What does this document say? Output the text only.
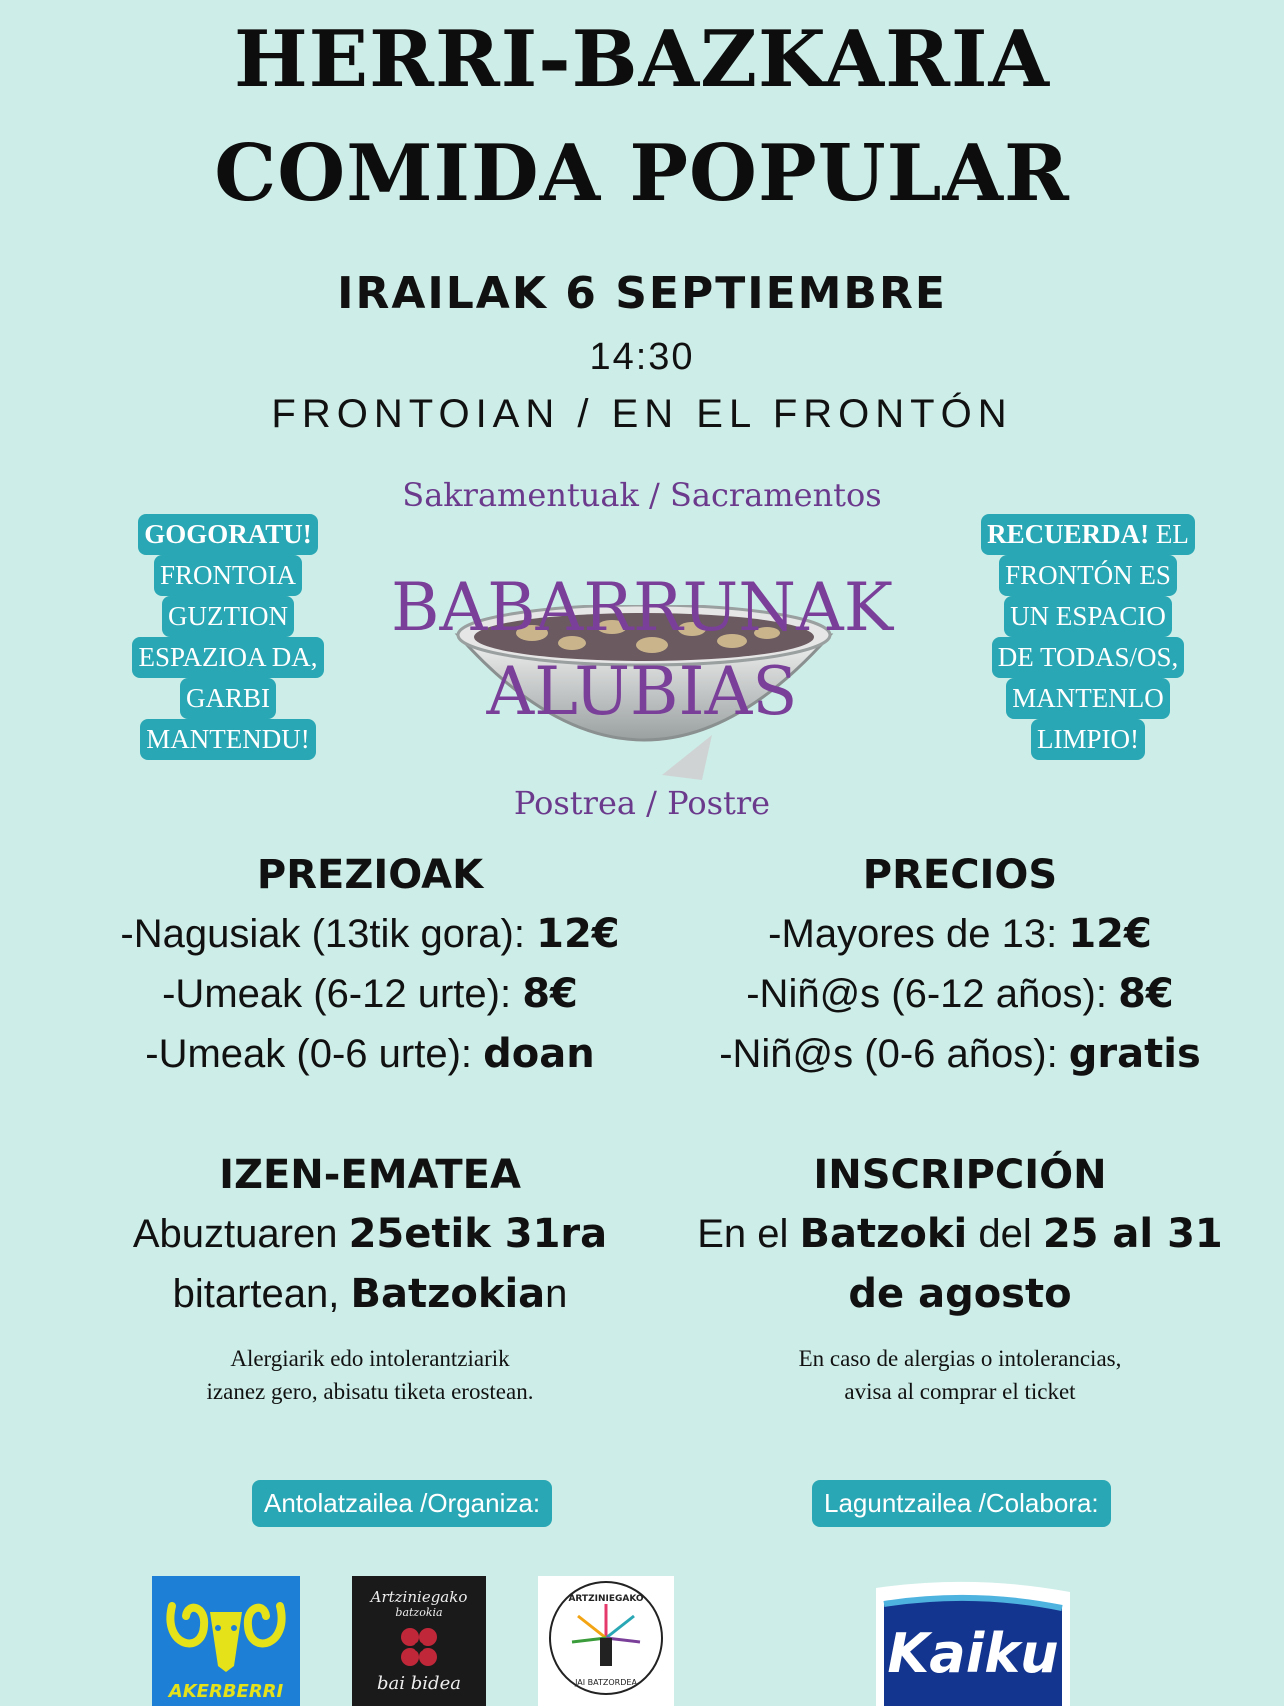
HERRI-BAZKARIA
COMIDA POPULAR
IRAILAK 6 SEPTIEMBRE
14:30
FRONTOIAN / EN EL FRONTÓN
Sakramentuak / Sacramentos
BABARRUNAK
ALUBIAS
Postrea / Postre
GOGORATU!
FRONTOIA
GUZTION
ESPAZIOA DA,
GARBI
MANTENDU!
RECUERDA! EL
FRONTÓN ES
UN ESPACIO
DE TODAS/OS,
MANTENLO
LIMPIO!
PREZIOAK
-Nagusiak (13tik gora): 12€
-Umeak (6-12 urte): 8€
-Umeak (0-6 urte): doan
PRECIOS
-Mayores de 13: 12€
-Niñ@s (6-12 años): 8€
-Niñ@s (0-6 años): gratis
IZEN-EMATEA
Abuztuaren 25etik 31ra
bitartean, Batzokian
Alergiarik edo intolerantziarik
izanez gero, abisatu tiketa erostean.
INSCRIPCIÓN
En el Batzoki del 25 al 31
de agosto
En caso de alergias o intolerancias,
avisa al comprar el ticket
Antolatzailea /Organiza:	Laguntzailea /Colabora:
AKERBERRI
Artziniegako
batzokia
bai bidea
ARTZINIEGAKO
JAI BATZORDEA	Kaiku
